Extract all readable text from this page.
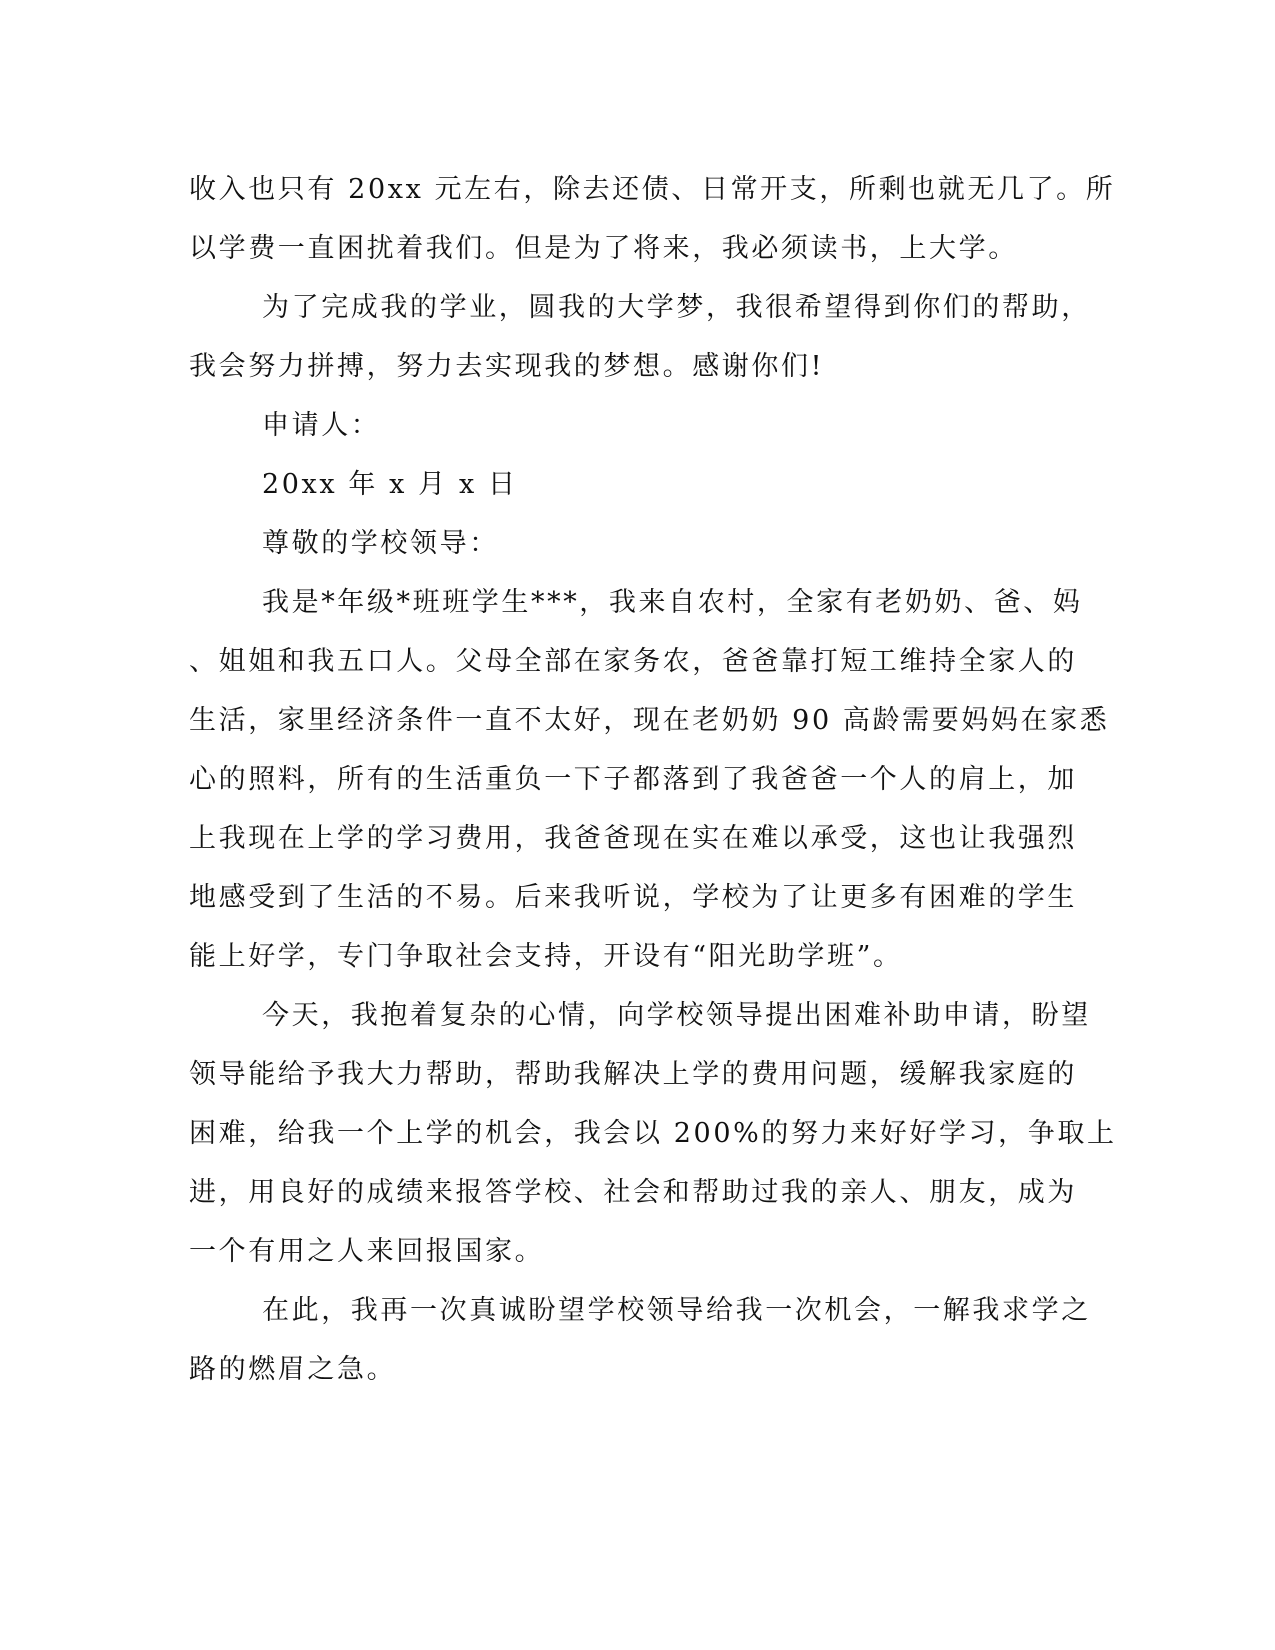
收入也只有 20xx 元左右，除去还债、日常开支，所剩也就无几了。所
以学费一直困扰着我们。但是为了将来，我必须读书，上大学。
为了完成我的学业，圆我的大学梦，我很希望得到你们的帮助，
我会努力拼搏，努力去实现我的梦想。感谢你们!
申请人：
20xx 年 x 月 x 日
尊敬的学校领导：
我是*年级*班班学生***，我来自农村，全家有老奶奶、爸、妈
、姐姐和我五口人。父母全部在家务农，爸爸靠打短工维持全家人的
生活，家里经济条件一直不太好，现在老奶奶 90 高龄需要妈妈在家悉
心的照料，所有的生活重负一下子都落到了我爸爸一个人的肩上，加
上我现在上学的学习费用，我爸爸现在实在难以承受，这也让我强烈
地感受到了生活的不易。后来我听说，学校为了让更多有困难的学生
能上好学，专门争取社会支持，开设有“阳光助学班”。
今天，我抱着复杂的心情，向学校领导提出困难补助申请，盼望
领导能给予我大力帮助，帮助我解决上学的费用问题，缓解我家庭的
困难，给我一个上学的机会，我会以 200%的努力来好好学习，争取上
进，用良好的成绩来报答学校、社会和帮助过我的亲人、朋友，成为
一个有用之人来回报国家。
在此，我再一次真诚盼望学校领导给我一次机会，一解我求学之
路的燃眉之急。
